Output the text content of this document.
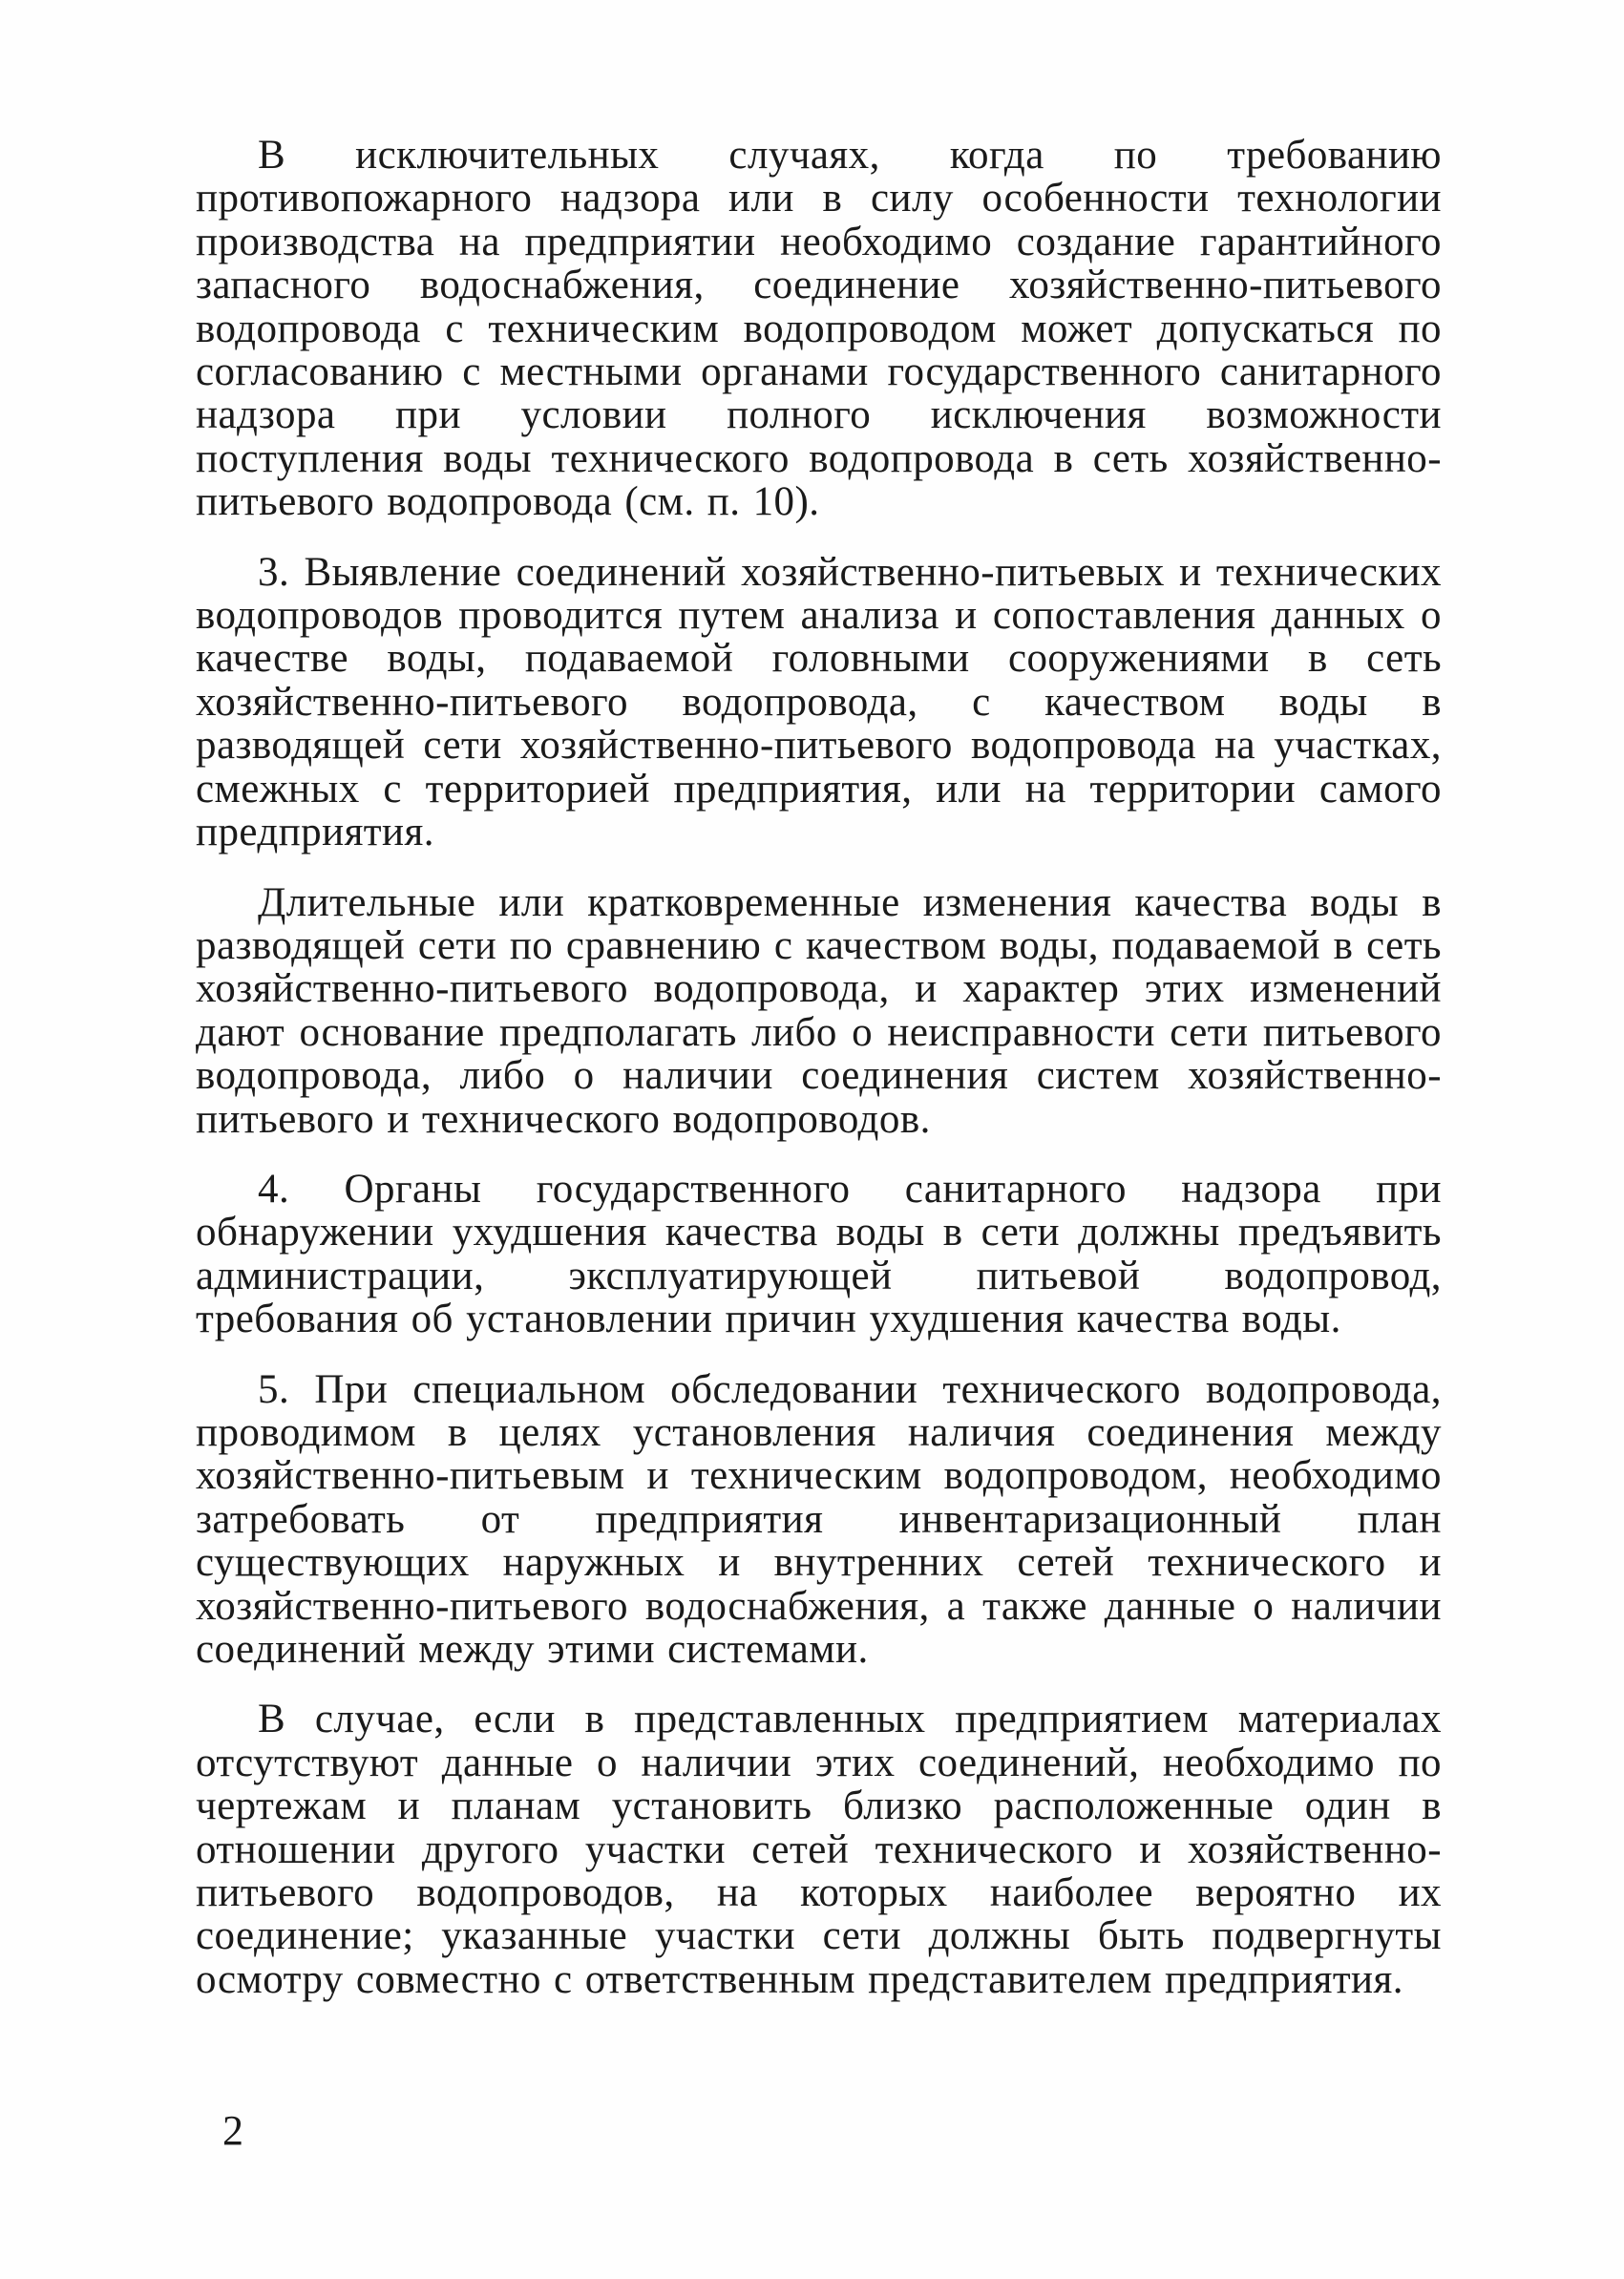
В исключительных случаях, когда по требованию противопожарного надзора или в силу особенности технологии производства на предприятии необходимо создание гарантийного запасного водоснабжения, соединение хозяйственно-питьевого водопровода с техническим водопроводом может допускаться по согласованию с местными органами государственного санитарного надзора при условии полного исключения возможности поступления воды технического водопровода в сеть хозяйственно-питьевого водопровода (см. п. 10).

3. Выявление соединений хозяйственно-питьевых и технических водопроводов проводится путем анализа и сопоставления данных о качестве воды, подаваемой головными сооружениями в сеть хозяйственно-питьевого водопровода, с качеством воды в разводящей сети хозяйственно-питьевого водопровода на участках, смежных с территорией предприятия, или на территории самого предприятия.

Длительные или кратковременные изменения качества воды в разводящей сети по сравнению с качеством воды, подаваемой в сеть хозяйственно-питьевого водопровода, и характер этих изменений дают основание предполагать либо о неисправности сети питьевого водопровода, либо о наличии соединения систем хозяйственно-питьевого и технического водопроводов.

4. Органы государственного санитарного надзора при обнаружении ухудшения качества воды в сети должны предъявить администрации, эксплуатирующей питьевой водопровод, требования об установлении причин ухудшения качества воды.

5. При специальном обследовании технического водопровода, проводимом в целях установления наличия соединения между хозяйственно-питьевым и техническим водопроводом, необходимо затребовать от предприятия инвентаризационный план существующих наружных и внутренних сетей технического и хозяйственно-питьевого водоснабжения, а также данные о наличии соединений между этими системами.

В случае, если в представленных предприятием материалах отсутствуют данные о наличии этих соединений, необходимо по чертежам и планам установить близко расположенные один в отношении другого участки сетей технического и хозяйственно-питьевого водопроводов, на которых наиболее вероятно их соединение; указанные участки сети должны быть подвергнуты осмотру совместно с ответственным представителем предприятия.

2
